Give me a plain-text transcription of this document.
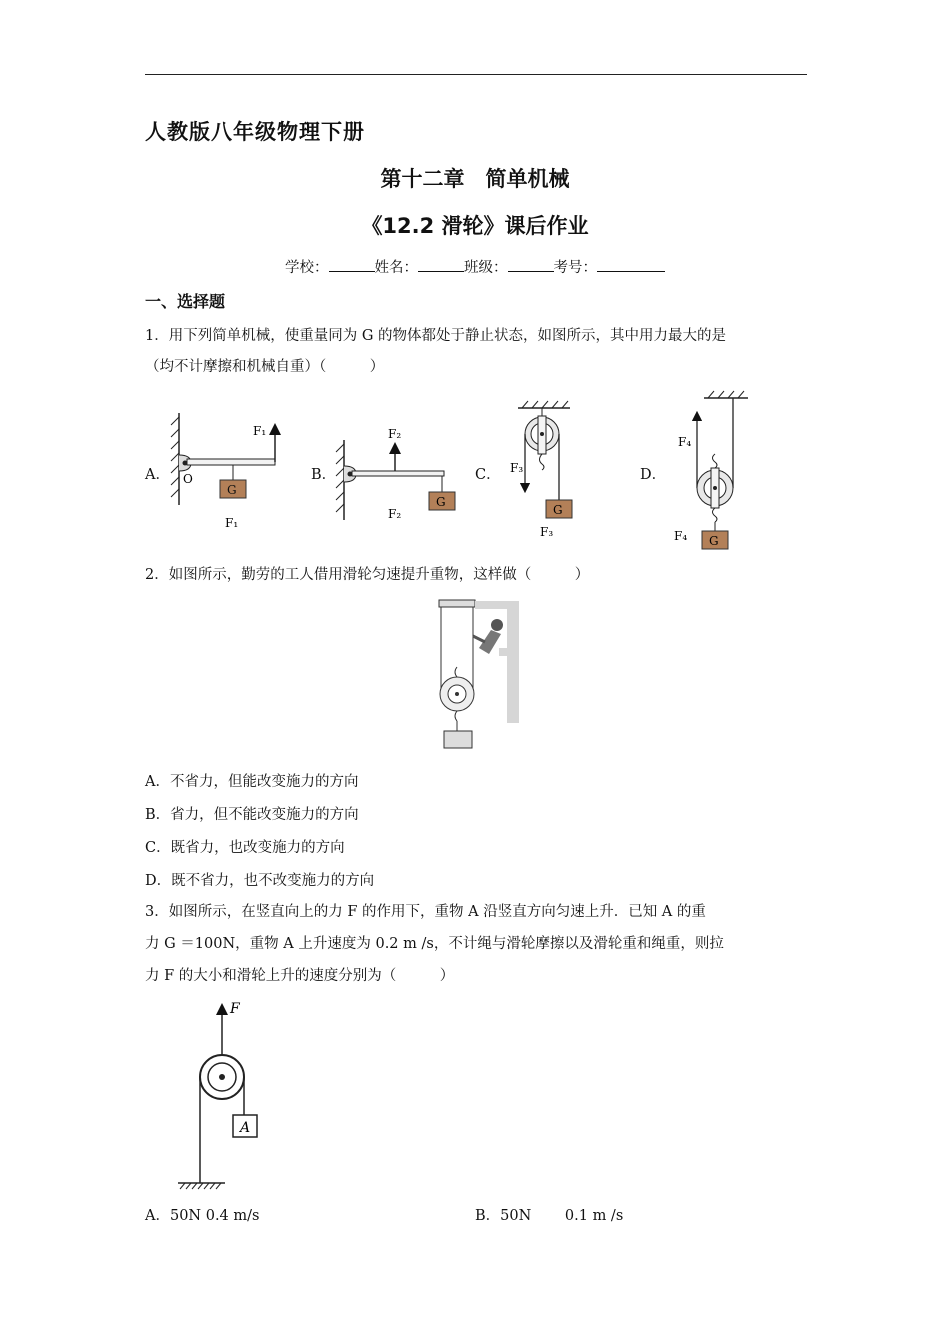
人教版八年级物理下册
第十二章　简单机械
《12.2 滑轮》课后作业
学校：	姓名：	班级：	考号：
一、选择题
1．用下列简单机械，使重量同为 G 的物体都处于静止状态，如图所示，其中用力最大的是
（均不计摩擦和机械自重）（　　　）
A．	B．	C．	D．
G
F₁
O
F₁
F₂
G
F₂
F₃
G
F₃
F₄
G
F₄
2．如图所示，勤劳的工人借用滑轮匀速提升重物，这样做（　　　）
A．不省力，但能改变施力的方向
B．省力，但不能改变施力的方向
C．既省力，也改变施力的方向
D．既不省力，也不改变施力的方向
3．如图所示，在竖直向上的力 F 的作用下，重物 A 沿竖直方向匀速上升．已知 A 的重
力 G ＝100N，重物 A 上升速度为 0.2 m /s，不计绳与滑轮摩擦以及滑轮重和绳重，则拉
力 F 的大小和滑轮上升的速度分别为（　　　）
F
A
A．50N 0.4 m/s	B．50N　　 0.1 m /s
